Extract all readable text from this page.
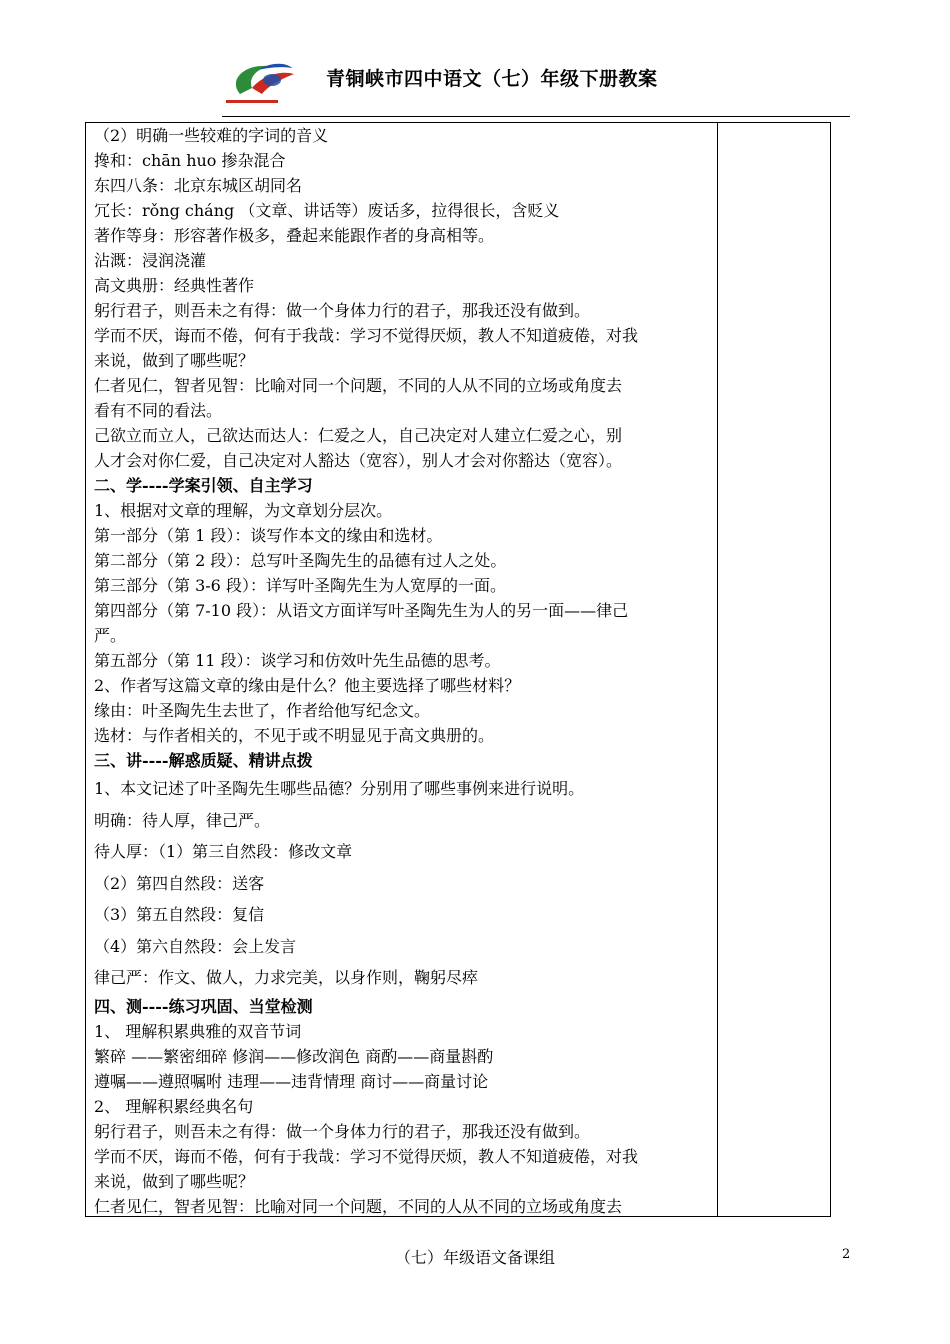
青铜峡市四中语文（七）年级下册教案
（2）明确一些较难的字词的音义
搀和：chān huo 掺杂混合
东四八条：北京东城区胡同名
冗长：rǒng cháng （文章、讲话等）废话多，拉得很长，含贬义
著作等身：形容著作极多，叠起来能跟作者的身高相等。
沾溉：浸润浇灌
高文典册：经典性著作
躬行君子，则吾未之有得：做一个身体力行的君子，那我还没有做到。
学而不厌，诲而不倦，何有于我哉：学习不觉得厌烦，教人不知道疲倦，对我
来说，做到了哪些呢？
仁者见仁，智者见智：比喻对同一个问题，不同的人从不同的立场或角度去
看有不同的看法。
己欲立而立人，己欲达而达人：仁爱之人，自己决定对人建立仁爱之心，别
人才会对你仁爱，自己决定对人豁达（宽容），别人才会对你豁达（宽容）。
二、学----学案引领、自主学习
1、根据对文章的理解，为文章划分层次。
第一部分（第 1 段）：谈写作本文的缘由和选材。
第二部分（第 2 段）：总写叶圣陶先生的品德有过人之处。
第三部分（第 3-6 段）：详写叶圣陶先生为人宽厚的一面。
第四部分（第 7-10 段）：从语文方面详写叶圣陶先生为人的另一面——律己
严。
第五部分（第 11 段）：谈学习和仿效叶先生品德的思考。
2、作者写这篇文章的缘由是什么？他主要选择了哪些材料？
缘由：叶圣陶先生去世了，作者给他写纪念文。
选材：与作者相关的，不见于或不明显见于高文典册的。
三、讲----解惑质疑、精讲点拨
1、本文记述了叶圣陶先生哪些品德？分别用了哪些事例来进行说明。
明确：待人厚，律己严。
待人厚：（1）第三自然段：修改文章
（2）第四自然段：送客
（3）第五自然段：复信
（4）第六自然段：会上发言
律己严：作文、做人，力求完美，以身作则，鞠躬尽瘁
四、测----练习巩固、当堂检测
1、 理解积累典雅的双音节词
繁碎 ——繁密细碎 修润——修改润色 商酌——商量斟酌
遵嘱——遵照嘱咐 违理——违背情理 商讨——商量讨论
2、 理解积累经典名句
躬行君子，则吾未之有得：做一个身体力行的君子，那我还没有做到。
学而不厌，诲而不倦，何有于我哉：学习不觉得厌烦，教人不知道疲倦，对我
来说，做到了哪些呢？
仁者见仁，智者见智：比喻对同一个问题，不同的人从不同的立场或角度去
（七）年级语文备课组	2
